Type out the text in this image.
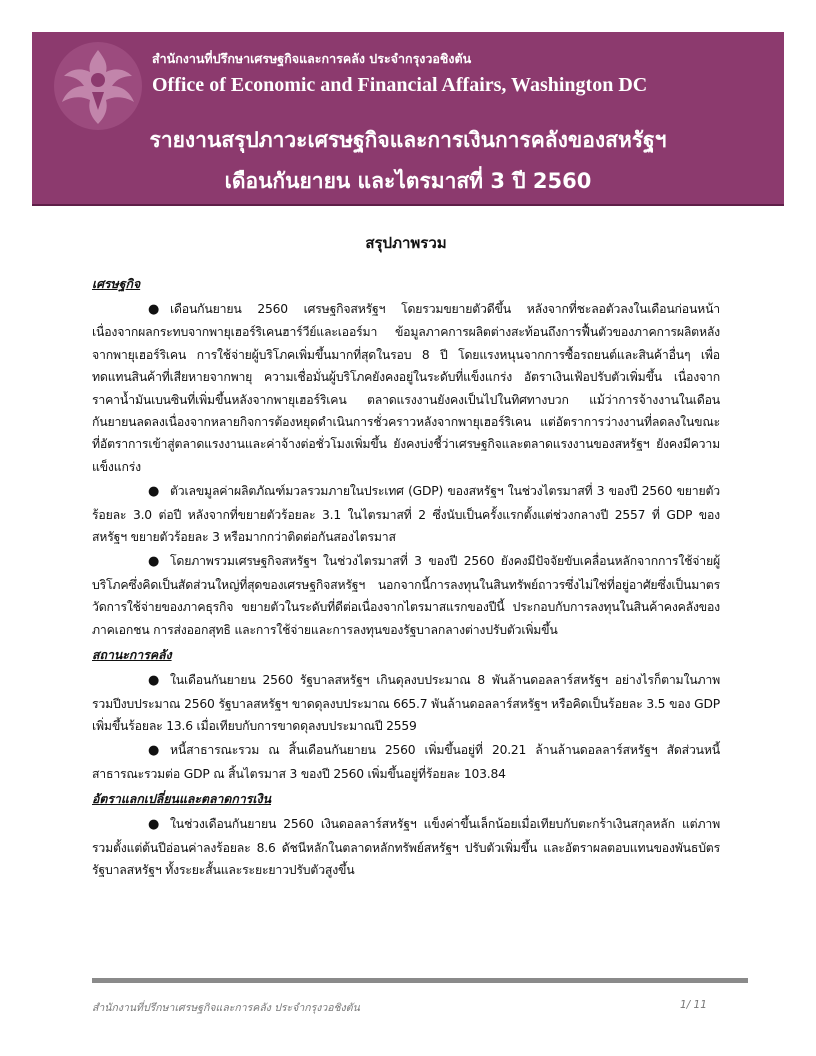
สำนักงานที่ปรึกษาเศรษฐกิจและการคลัง ประจำกรุงวอชิงตัน
Office of Economic and Financial Affairs, Washington DC
รายงานสรุปภาวะเศรษฐกิจและการเงินการคลังของสหรัฐฯ
เดือนกันยายน และไตรมาสที่ 3 ปี 2560
สรุปภาพรวม
เศรษฐกิจ

● เดือนกันยายน 2560 เศรษฐกิจสหรัฐฯ โดยรวมขยายตัวดีขึ้น หลังจากที่ชะลอตัวลงในเดือนก่อนหน้า เนื่องจากผลกระทบจากพายุเฮอร์ริเคนฮาร์วีย์และเออร์มา ข้อมูลภาคการผลิตต่างสะท้อนถึงการฟื้นตัวของภาคการผลิตหลังจากพายุเฮอร์ริเคน การใช้จ่ายผู้บริโภคเพิ่มขึ้นมากที่สุดในรอบ 8 ปี โดยแรงหนุนจากการซื้อรถยนต์และสินค้าอื่นๆ เพื่อทดแทนสินค้าที่เสียหายจากพายุ ความเชื่อมั่นผู้บริโภคยังคงอยู่ในระดับที่แข็งแกร่ง อัตราเงินเฟ้อปรับตัวเพิ่มขึ้น เนื่องจากราคาน้ำมันเบนซินที่เพิ่มขึ้นหลังจากพายุเฮอร์ริเคน ตลาดแรงงานยังคงเป็นไปในทิศทางบวก แม้ว่าการจ้างงานในเดือนกันยายนลดลงเนื่องจากหลายกิจการต้องหยุดดำเนินการชั่วคราวหลังจากพายุเฮอร์ริเคน แต่อัตราการว่างงานที่ลดลงในขณะที่อัตราการเข้าสู่ตลาดแรงงานและค่าจ้างต่อชั่วโมงเพิ่มขึ้น ยังคงบ่งชี้ว่าเศรษฐกิจและตลาดแรงงานของสหรัฐฯ ยังคงมีความแข็งแกร่ง

● ตัวเลขมูลค่าผลิตภัณฑ์มวลรวมภายในประเทศ (GDP) ของสหรัฐฯ ในช่วงไตรมาสที่ 3 ของปี 2560 ขยายตัวร้อยละ 3.0 ต่อปี หลังจากที่ขยายตัวร้อยละ 3.1 ในไตรมาสที่ 2 ซึ่งนับเป็นครั้งแรกตั้งแต่ช่วงกลางปี 2557 ที่ GDP ของสหรัฐฯ ขยายตัวร้อยละ 3 หรือมากกว่าติดต่อกันสองไตรมาส

● โดยภาพรวมเศรษฐกิจสหรัฐฯ ในช่วงไตรมาสที่ 3 ของปี 2560 ยังคงมีปัจจัยขับเคลื่อนหลักจากการใช้จ่ายผู้บริโภคซึ่งคิดเป็นสัดส่วนใหญ่ที่สุดของเศรษฐกิจสหรัฐฯ นอกจากนี้การลงทุนในสินทรัพย์ถาวรซึ่งไม่ใช่ที่อยู่อาศัยซึ่งเป็นมาตรวัดการใช้จ่ายของภาคธุรกิจ ขยายตัวในระดับที่ดีต่อเนื่องจากไตรมาสแรกของปีนี้ ประกอบกับการลงทุนในสินค้าคงคลังของภาคเอกชน การส่งออกสุทธิ และการใช้จ่ายและการลงทุนของรัฐบาลกลางต่างปรับตัวเพิ่มขึ้น

สถานะการคลัง

● ในเดือนกันยายน 2560 รัฐบาลสหรัฐฯ เกินดุลงบประมาณ 8 พันล้านดอลลาร์สหรัฐฯ อย่างไรก็ตามในภาพรวมปีงบประมาณ 2560 รัฐบาลสหรัฐฯ ขาดดุลงบประมาณ 665.7 พันล้านดอลลาร์สหรัฐฯ หรือคิดเป็นร้อยละ 3.5 ของ GDP เพิ่มขึ้นร้อยละ 13.6 เมื่อเทียบกับการขาดดุลงบประมาณปี 2559

● หนี้สาธารณะรวม ณ สิ้นเดือนกันยายน 2560 เพิ่มขึ้นอยู่ที่ 20.21 ล้านล้านดอลลาร์สหรัฐฯ สัดส่วนหนี้สาธารณะรวมต่อ GDP ณ สิ้นไตรมาส 3 ของปี 2560 เพิ่มขึ้นอยู่ที่ร้อยละ 103.84

อัตราแลกเปลี่ยนและตลาดการเงิน

● ในช่วงเดือนกันยายน 2560 เงินดอลลาร์สหรัฐฯ แข็งค่าขึ้นเล็กน้อยเมื่อเทียบกับตะกร้าเงินสกุลหลัก แต่ภาพรวมตั้งแต่ต้นปีอ่อนค่าลงร้อยละ 8.6 ดัชนีหลักในตลาดหลักทรัพย์สหรัฐฯ ปรับตัวเพิ่มขึ้น และอัตราผลตอบแทนของพันธบัตรรัฐบาลสหรัฐฯ ทั้งระยะสั้นและระยะยาวปรับตัวสูงขึ้น

สำนักงานที่ปรึกษาเศรษฐกิจและการคลัง ประจำกรุงวอชิงตัน	1/ 11
